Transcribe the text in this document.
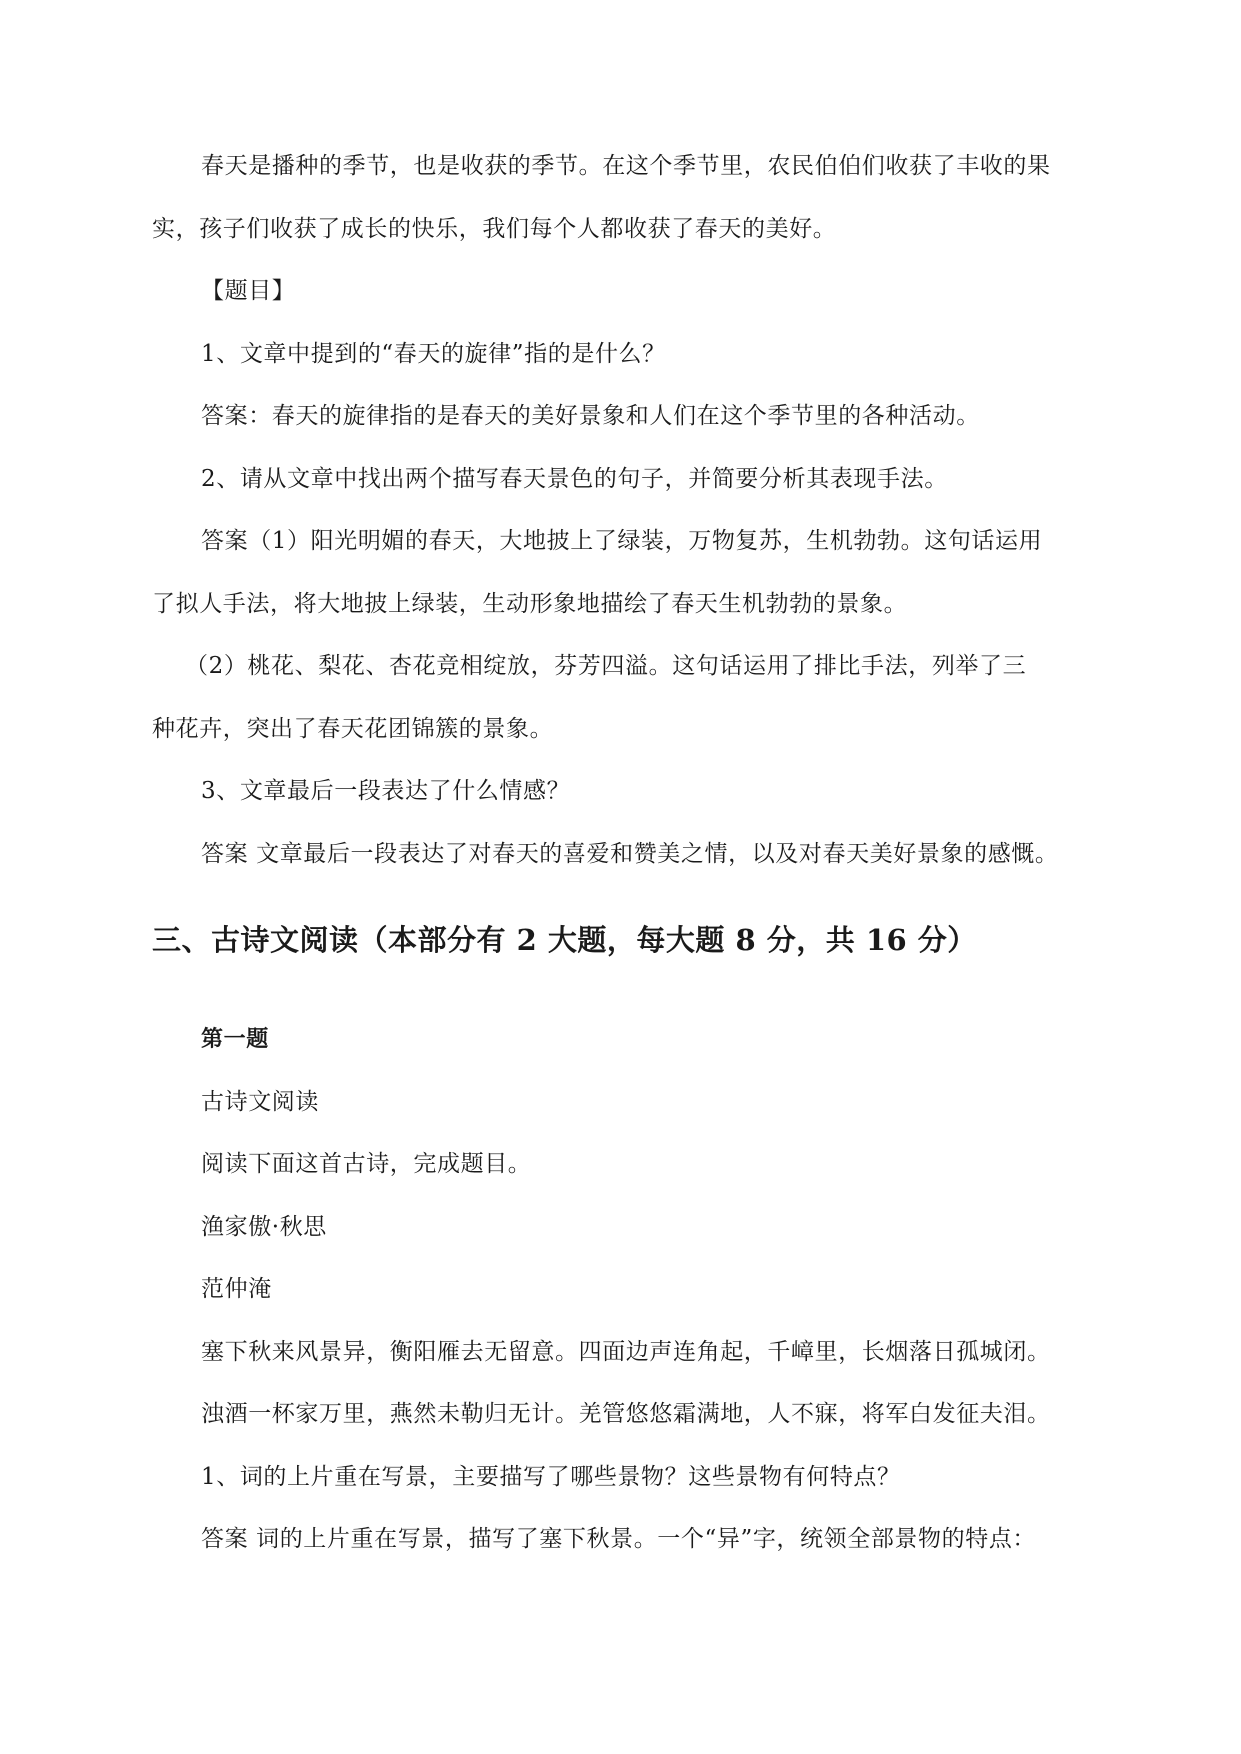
春天是播种的季节，也是收获的季节。在这个季节里，农民伯伯们收获了丰收的果
实，孩子们收获了成长的快乐，我们每个人都收获了春天的美好。
【题目】
1、文章中提到的“春天的旋律”指的是什么？
答案：春天的旋律指的是春天的美好景象和人们在这个季节里的各种活动。
2、请从文章中找出两个描写春天景色的句子，并简要分析其表现手法。
答案（1）阳光明媚的春天，大地披上了绿装，万物复苏，生机勃勃。这句话运用
了拟人手法，将大地披上绿装，生动形象地描绘了春天生机勃勃的景象。
（2）桃花、梨花、杏花竞相绽放，芬芳四溢。这句话运用了排比手法，列举了三
种花卉，突出了春天花团锦簇的景象。
3、文章最后一段表达了什么情感？
答案 文章最后一段表达了对春天的喜爱和赞美之情，以及对春天美好景象的感慨。
三、古诗文阅读（本部分有 2 大题，每大题 8 分，共 16 分）
第一题
古诗文阅读
阅读下面这首古诗，完成题目。
渔家傲·秋思
范仲淹
塞下秋来风景异，衡阳雁去无留意。四面边声连角起，千嶂里，长烟落日孤城闭。
浊酒一杯家万里，燕然未勒归无计。羌管悠悠霜满地，人不寐，将军白发征夫泪。
1、词的上片重在写景，主要描写了哪些景物？这些景物有何特点？
答案 词的上片重在写景，描写了塞下秋景。一个“异”字，统领全部景物的特点：
